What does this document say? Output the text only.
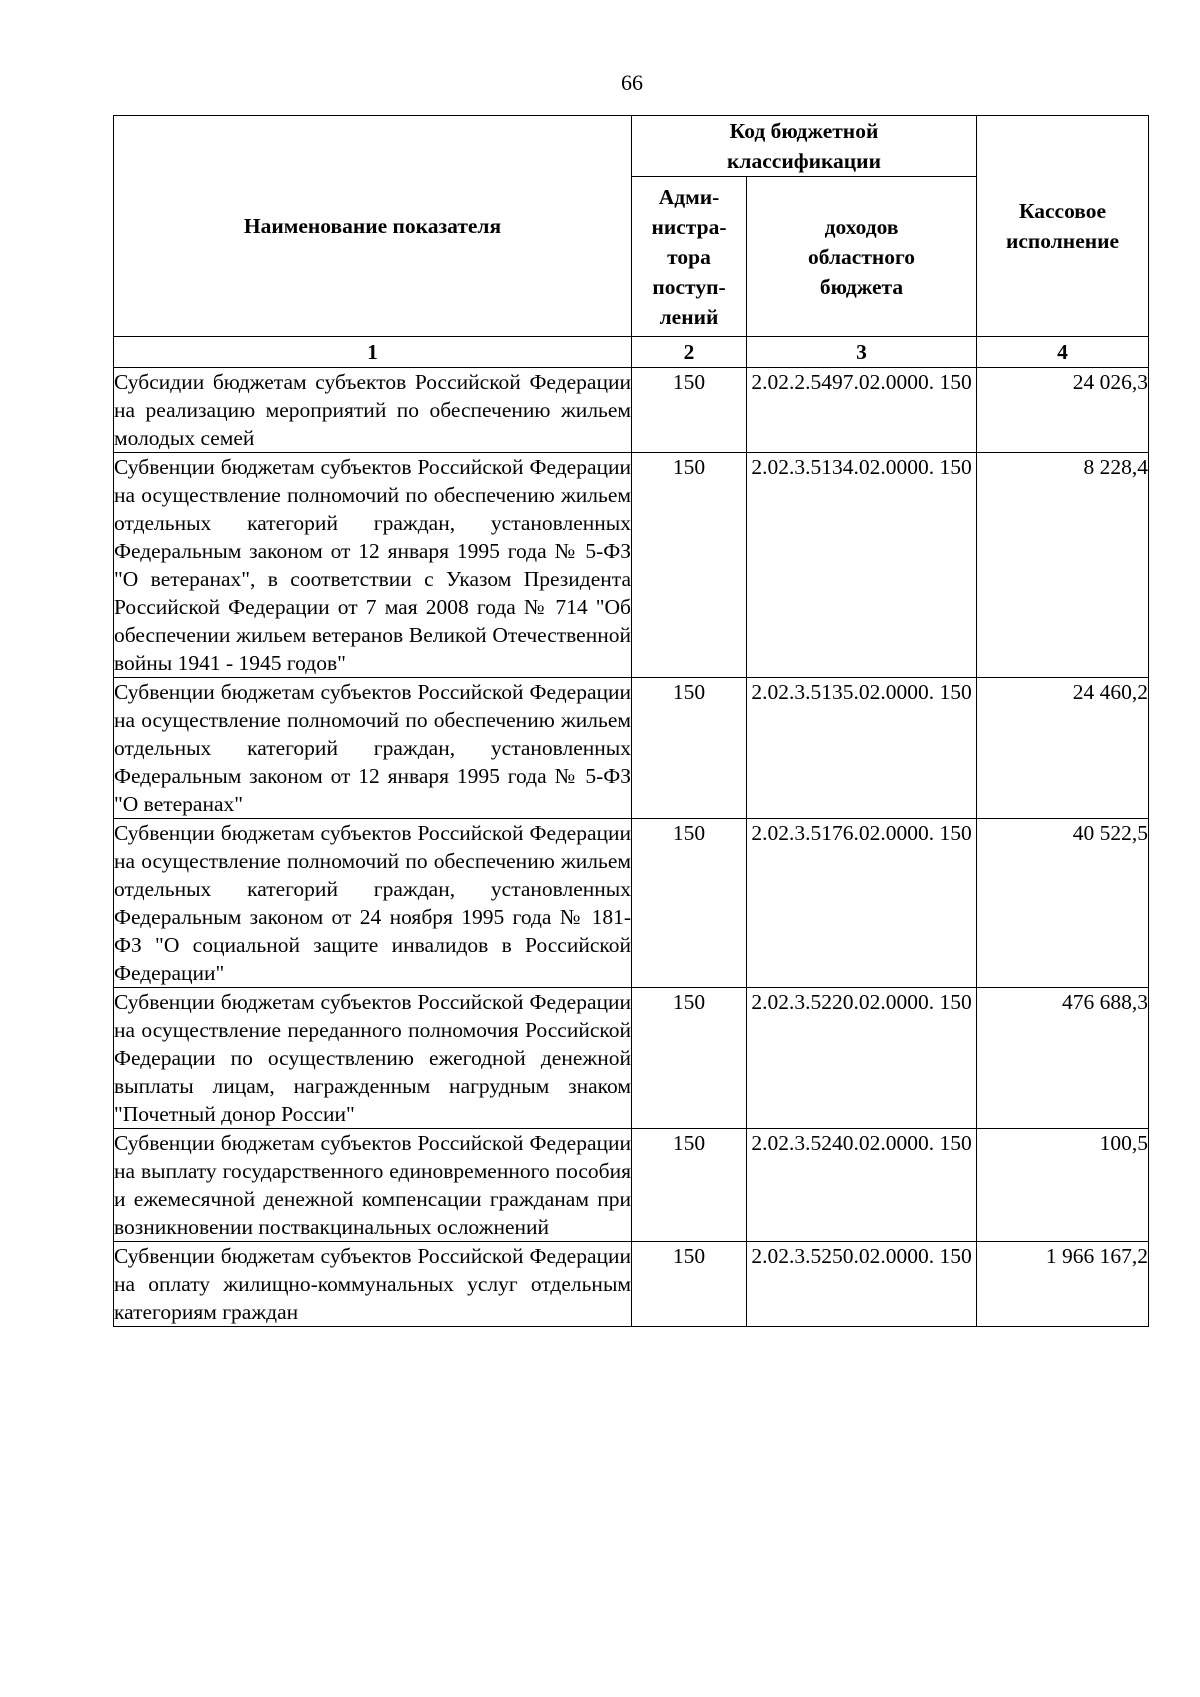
66
Наименование показателя	Код бюджетной классификации		Кассовое исполнение
	Адми-нистра-тора поступ-лений	доходов областного бюджета	
1	2	3	4
Субсидии бюджетам субъектов Российской Федерации на реализацию мероприятий по обеспечению жильем молодых семей	150	2.02.2.5497.02.0000. 150	24 026,3
Субвенции бюджетам субъектов Российской Федерации на осуществление полномочий по обеспечению жильем отдельных категорий граждан, установленных Федеральным законом от 12 января 1995 года № 5-ФЗ "О ветеранах", в соответствии с Указом Президента Российской Федерации от 7 мая 2008 года № 714 "Об обеспечении жильем ветеранов Великой Отечественной войны 1941 - 1945 годов"	150	2.02.3.5134.02.0000. 150	8 228,4
Субвенции бюджетам субъектов Российской Федерации на осуществление полномочий по обеспечению жильем отдельных категорий граждан, установленных Федеральным законом от 12 января 1995 года № 5-ФЗ "О ветеранах"	150	2.02.3.5135.02.0000. 150	24 460,2
Субвенции бюджетам субъектов Российской Федерации на осуществление полномочий по обеспечению жильем отдельных категорий граждан, установленных Федеральным законом от 24 ноября 1995 года № 181-ФЗ "О социальной защите инвалидов в Российской Федерации"	150	2.02.3.5176.02.0000. 150	40 522,5
Субвенции бюджетам субъектов Российской Федерации на осуществление переданного полномочия Российской Федерации по осуществлению ежегодной денежной выплаты лицам, награжденным нагрудным знаком "Почетный донор России"	150	2.02.3.5220.02.0000. 150	476 688,3
Субвенции бюджетам субъектов Российской Федерации на выплату государственного единовременного пособия и ежемесячной денежной компенсации гражданам при возникновении поствакцинальных осложнений	150	2.02.3.5240.02.0000. 150	100,5
Субвенции бюджетам субъектов Российской Федерации на оплату жилищно-коммунальных услуг отдельным категориям граждан	150	2.02.3.5250.02.0000. 150	1 966 167,2
